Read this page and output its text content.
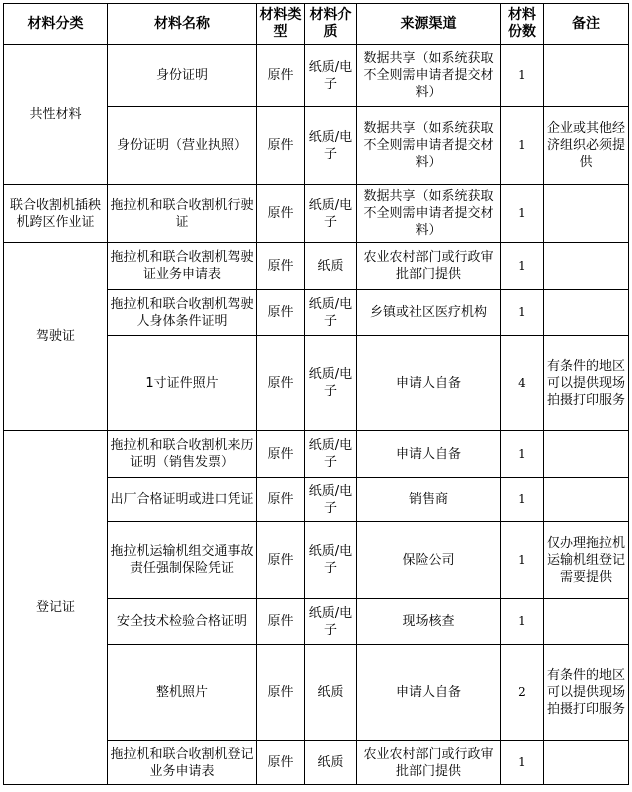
材料分类	材料名称	材料类型	材料介质	来源渠道	材料份数	备注
共性材料	身份证明	原件	纸质/电子	数据共享（如系统获取不全则需申请者提交材料）	1	
	身份证明（营业执照）	原件	纸质/电子	数据共享（如系统获取不全则需申请者提交材料）	1	企业或其他经济组织必须提供
联合收割机插秧机跨区作业证	拖拉机和联合收割机行驶证	原件	纸质/电子	数据共享（如系统获取不全则需申请者提交材料）	1	
驾驶证	拖拉机和联合收割机驾驶证业务申请表	原件	纸质	农业农村部门或行政审批部门提供	1	
	拖拉机和联合收割机驾驶人身体条件证明	原件	纸质/电子	乡镇或社区医疗机构	1	
	1寸证件照片	原件	纸质/电子	申请人自备	4	有条件的地区可以提供现场拍摄打印服务
登记证	拖拉机和联合收割机来历证明（销售发票）	原件	纸质/电子	申请人自备	1	
	出厂合格证明或进口凭证	原件	纸质/电子	销售商	1	
	拖拉机运输机组交通事故责任强制保险凭证	原件	纸质/电子	保险公司	1	仅办理拖拉机运输机组登记需要提供
	安全技术检验合格证明	原件	纸质/电子	现场核查	1	
	整机照片	原件	纸质	申请人自备	2	有条件的地区可以提供现场拍摄打印服务
	拖拉机和联合收割机登记业务申请表	原件	纸质	农业农村部门或行政审批部门提供	1	
